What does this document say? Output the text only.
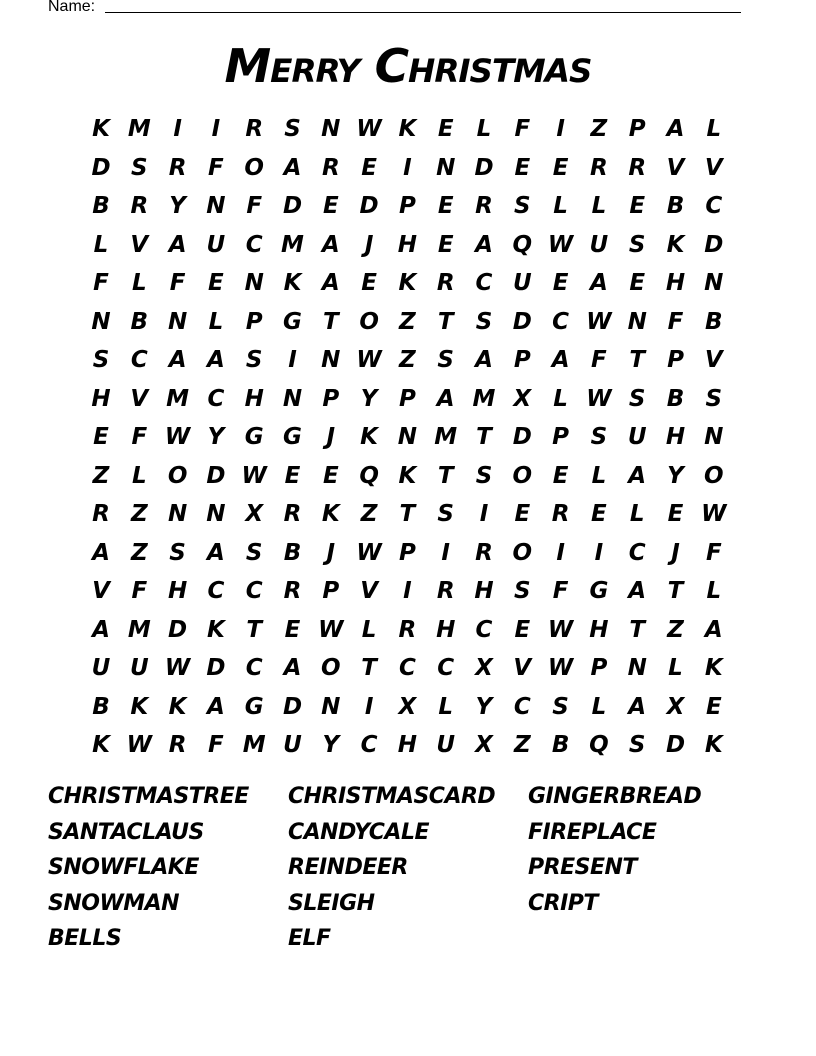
Name:
Merry Christmas
K M I	I	R S N W K E	L	F	I	Z P A L
D S R F O A R E	I	N D E E R R V V
B R Y N F D E D P E R S L	L	E B C
L V A U C M A	J	H E A Q W U S K D
F	L	F E N K A E K R C U E A E H N
N B N L P G T O Z T S D C W N F B
S C A A S	I	N W Z S A P A F T P V
H V M C H N P Y P A M X L W S B S
E F W Y G G	J	K N M T D P S U H N
Z L O D W E E Q K T S O E	L A Y O
R Z N N X R K Z T S	I	E R E	L	E W
A Z S A S B	J W P	I	R O	I	I	C	J	F
V F H C C R P V	I	R H S F G A T	L
A M D K T E W L R H C E W H T Z A
U U W D C A O T C C X V W P N L K
B K K A G D N	I	X L Y C S L A X E
K W R F M U Y C H U X Z B Q S D K
CHRISTMASTREE CHRISTMASCARD GINGERBREAD
SANTACLAUS	CANDYCALE	FIREPLACE
SNOWFLAKE	REINDEER	PRESENT
SNOWMAN	SLEIGH	CRIPT
BELLS	ELF
